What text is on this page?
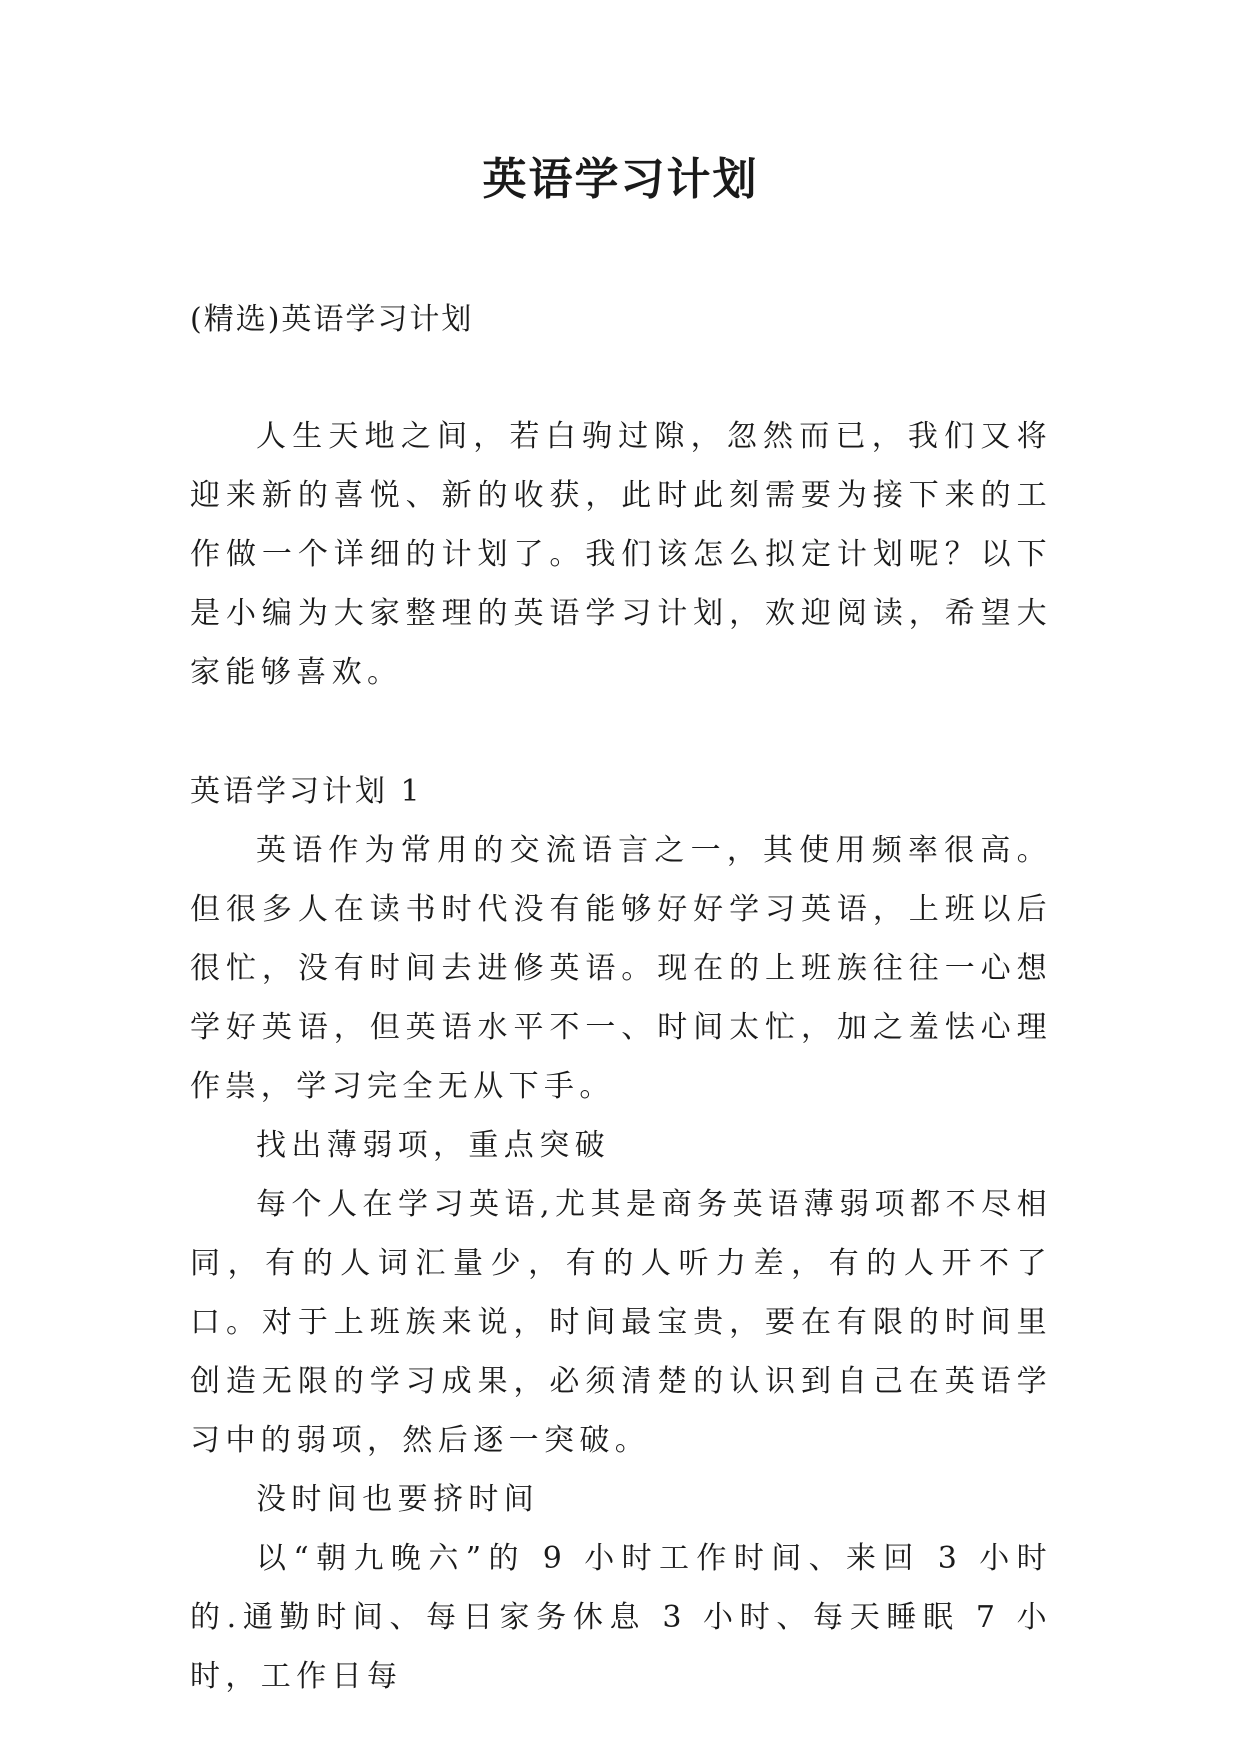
英语学习计划

(精选)英语学习计划

人生天地之间，若白驹过隙，忽然而已，我们又将迎来新的喜悦、新的收获，此时此刻需要为接下来的工作做一个详细的计划了。我们该怎么拟定计划呢？以下是小编为大家整理的英语学习计划，欢迎阅读，希望大家能够喜欢。

英语学习计划 1

英语作为常用的交流语言之一，其使用频率很高。但很多人在读书时代没有能够好好学习英语，上班以后很忙，没有时间去进修英语。现在的上班族往往一心想学好英语，但英语水平不一、时间太忙，加之羞怯心理作祟，学习完全无从下手。

找出薄弱项，重点突破

每个人在学习英语,尤其是商务英语薄弱项都不尽相同，有的人词汇量少，有的人听力差，有的人开不了口。对于上班族来说，时间最宝贵，要在有限的时间里创造无限的学习成果，必须清楚的认识到自己在英语学习中的弱项，然后逐一突破。

没时间也要挤时间

以“朝九晚六”的 9 小时工作时间、来回 3 小时的.通勤时间、每日家务休息 3 小时、每天睡眠 7 小时，工作日每
